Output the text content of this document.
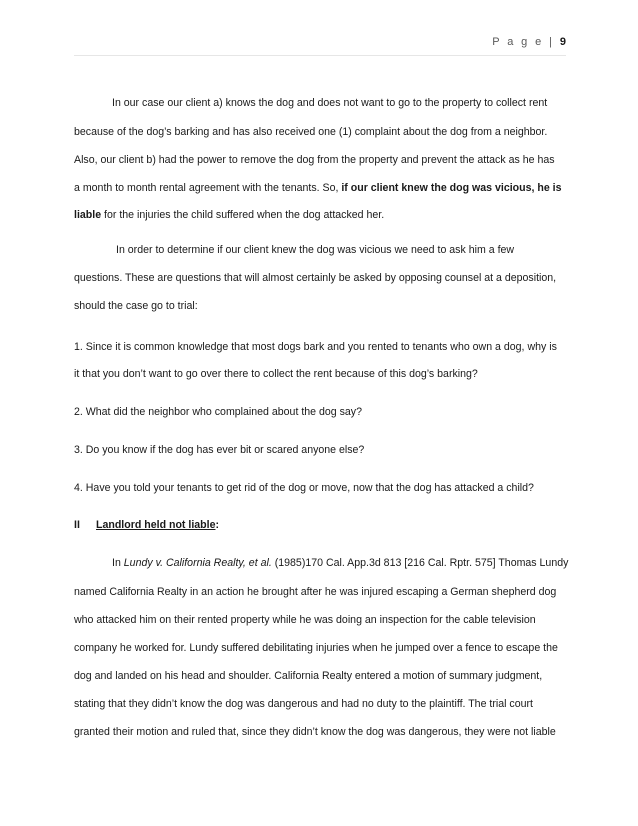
P a g e | 9
In our case our client a) knows the dog and does not want to go to the property to collect rent
because of the dog’s barking and has also received one (1) complaint about the dog from a neighbor.
Also, our client b) had the power to remove the dog from the property and prevent the attack as he has
a month to month rental agreement with the tenants. So, if our client knew the dog was vicious, he is
liable for the injuries the child suffered when the dog attacked her.
In order to determine if our client knew the dog was vicious we need to ask him a few
questions. These are questions that will almost certainly be asked by opposing counsel at a deposition,
should the case go to trial:
1. Since it is common knowledge that most dogs bark and you rented to tenants who own a dog, why is
it that you don’t want to go over there to collect the rent because of this dog’s barking?
2. What did the neighbor who complained about the dog say?
3. Do you know if the dog has ever bit or scared anyone else?
4. Have you told your tenants to get rid of the dog or move, now that the dog has attacked a child?
II Landlord held not liable:
In Lundy v. California Realty, et al. (1985)170 Cal. App.3d 813 [216 Cal. Rptr. 575] Thomas Lundy
named California Realty in an action he brought after he was injured escaping a German shepherd dog
who attacked him on their rented property while he was doing an inspection for the cable television
company he worked for. Lundy suffered debilitating injuries when he jumped over a fence to escape the
dog and landed on his head and shoulder. California Realty entered a motion of summary judgment,
stating that they didn’t know the dog was dangerous and had no duty to the plaintiff. The trial court
granted their motion and ruled that, since they didn’t know the dog was dangerous, they were not liable
